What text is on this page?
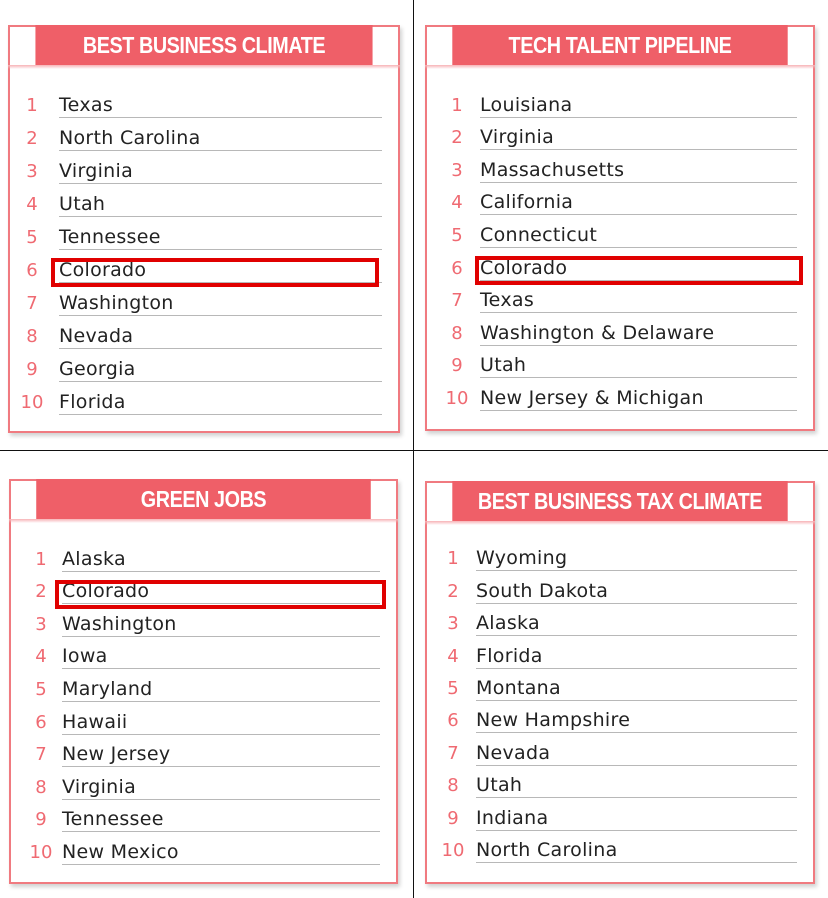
BEST BUSINESS CLIMATE
1	Texas
2	North Carolina
3	Virginia
4	Utah
5	Tennessee
6	Colorado
7	Washington
8	Nevada
9	Georgia
10 Florida
TECH TALENT PIPELINE
1 Louisiana
2 Virginia
3 Massachusetts
4 California
5 Connecticut
6 Colorado
7 Texas
8 Washington & Delaware
9 Utah
10 New Jersey & Michigan
GREEN JOBS
1 Alaska
2 Colorado
3 Washington
4 Iowa
5 Maryland
6 Hawaii
7 New Jersey
8 Virginia
9 Tennessee
10 New Mexico
BEST BUSINESS TAX CLIMATE
1 Wyoming
2 South Dakota
3 Alaska
4 Florida
5 Montana
6 New Hampshire
7 Nevada
8 Utah
9 Indiana
10 North Carolina
